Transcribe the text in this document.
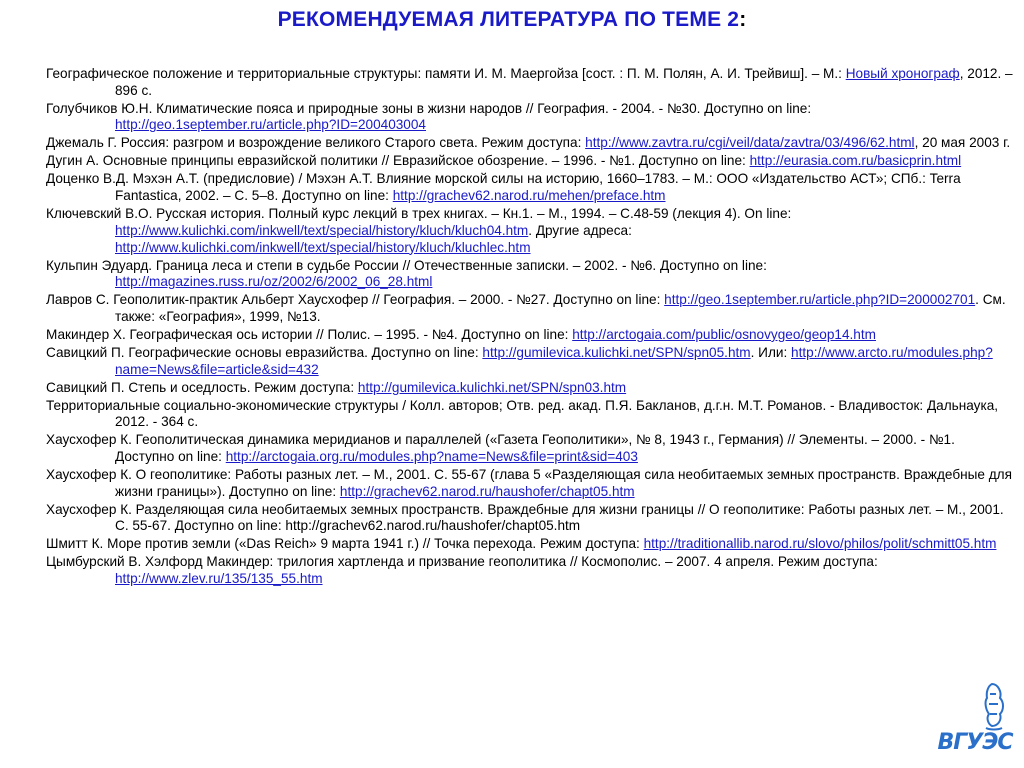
РЕКОМЕНДУЕМАЯ ЛИТЕРАТУРА ПО ТЕМЕ 2:
Географическое положение и территориальные структуры: памяти И. М. Маергойза [сост. : П. М. Полян, А. И. Трейвиш]. – М.: Новый хронограф, 2012. –896 с.
Голубчиков Ю.Н. Климатические пояса и природные зоны в жизни народов // География. - 2004. - №30. Доступно on line: http://geo.1september.ru/article.php?ID=200403004
Джемаль Г. Россия: разгром и возрождение великого Старого света. Режим доступа: http://www.zavtra.ru/cgi/veil/data/zavtra/03/496/62.html, 20 мая 2003 г.
Дугин А. Основные принципы евразийской политики // Евразийское обозрение. – 1996. - №1. Доступно on line: http://eurasia.com.ru/basicprin.html
Доценко В.Д. Мэхэн А.Т. (предисловие) / Мэхэн А.Т. Влияние морской силы на историю, 1660–1783. – М.: ООО «Издательство АСТ»; СПб.: Terra Fantastica, 2002. – С. 5–8. Доступно on line: http://grachev62.narod.ru/mehen/preface.htm
Ключевский В.О. Русская история. Полный курс лекций в трех книгах. – Кн.1. – М., 1994. – С.48-59 (лекция 4). On line: http://www.kulichki.com/inkwell/text/special/history/kluch/kluch04.htm. Другие адреса: http://www.kulichki.com/inkwell/text/special/history/kluch/kluchlec.htm
Кульпин Эдуард. Граница леса и степи в судьбе России // Отечественные записки. – 2002. - №6. Доступно on line: http://magazines.russ.ru/oz/2002/6/2002_06_28.html
Лавров С. Геополитик-практик Альберт Хаусхофер // География. – 2000. - №27. Доступно on line: http://geo.1september.ru/article.php?ID=200002701. См. также: «География», 1999, №13.
Макиндер Х. Географическая ось истории // Полис. – 1995. - №4. Доступно on line: http://arctogaia.com/public/osnovygeo/geop14.htm
Савицкий П. Географические основы евразийства. Доступно on line: http://gumilevica.kulichki.net/SPN/spn05.htm. Или: http://www.arcto.ru/modules.php?name=News&file=article&sid=432
Савицкий П. Степь и оседлость. Режим доступа: http://gumilevica.kulichki.net/SPN/spn03.htm
Территориальные социально-экономические структуры / Колл. авторов; Отв. ред. акад. П.Я. Бакланов, д.г.н. М.Т. Романов. - Владивосток: Дальнаука, 2012. - 364 с.
Хаусхофер К. Геополитическая динамика меридианов и параллелей («Газета Геополитики», № 8, 1943 г., Германия) // Элементы. – 2000. - №1. Доступно on line: http://arctogaia.org.ru/modules.php?name=News&file=print&sid=403
Хаусхофер К. О геополитике: Работы разных лет. – М., 2001. С. 55-67 (глава 5 «Разделяющая сила необитаемых земных пространств. Враждебные для жизни границы»). Доступно on line: http://grachev62.narod.ru/haushofer/chapt05.htm
Хаусхофер К. Разделяющая сила необитаемых земных пространств. Враждебные для жизни границы // О геополитике: Работы разных лет. – М., 2001. С. 55-67. Доступно on line: http://grachev62.narod.ru/haushofer/chapt05.htm
Шмитт К. Море против земли («Das Reich» 9 марта 1941 г.) // Точка перехода. Режим доступа: http://traditionallib.narod.ru/slovo/philos/polit/schmitt05.htm
Цымбурский В. Хэлфорд Макиндер: трилогия хартленда и призвание геополитика // Космополис. – 2007. 4 апреля. Режим доступа: http://www.zlev.ru/135/135_55.htm
ВГУЭС
